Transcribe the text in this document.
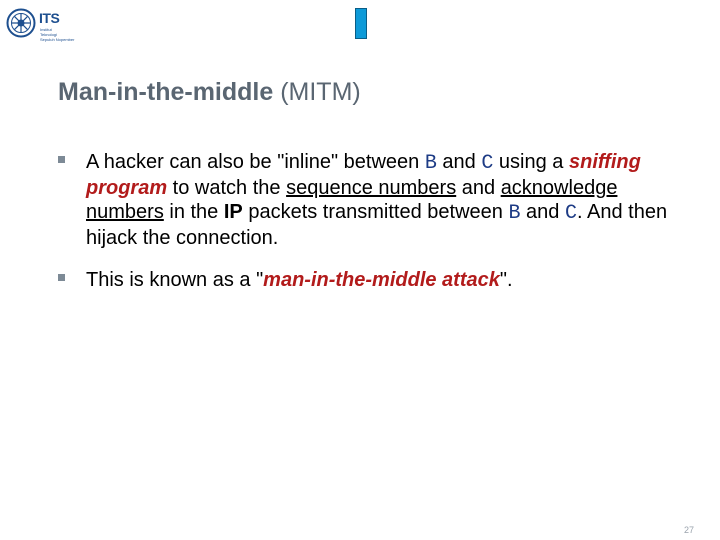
ITS
Institut
Teknologi
Sepuluh Nopember
Man-in-the-middle (MITM)
A hacker can also be "inline" between B and C using a sniffing program to watch the sequence numbers and acknowledge numbers in the IP packets transmitted between B and C. And then hijack the connection.
This is known as a "man-in-the-middle attack".
27
